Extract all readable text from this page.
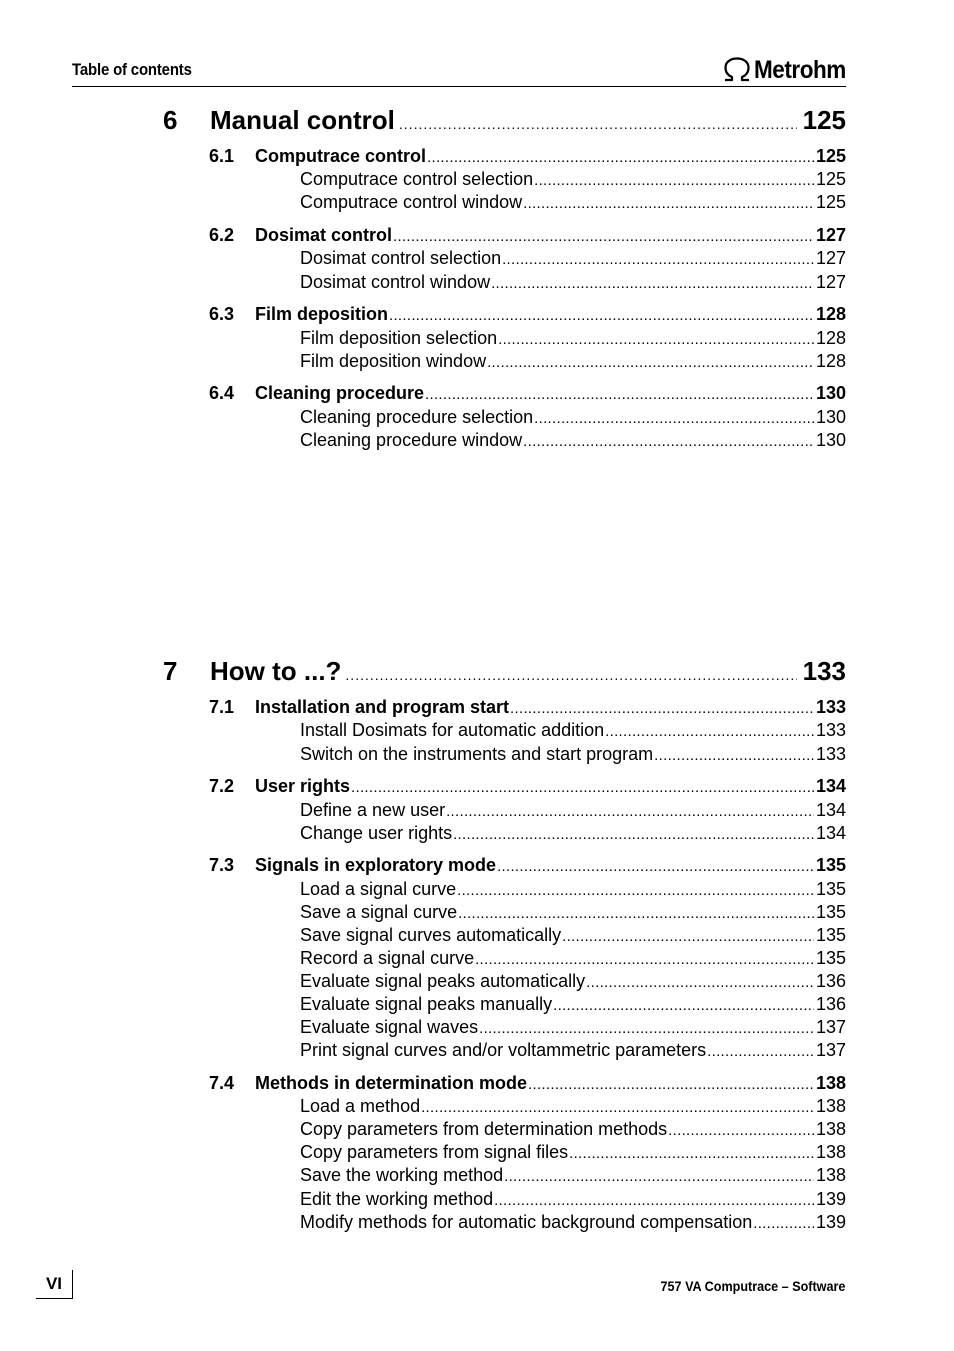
Table of contents	Metrohm
6	Manual control .....	125
6.1	Computrace control .....	125
Computrace control selection .....	125
Computrace control window .....	125
6.2	Dosimat control .....	127
Dosimat control selection .....	127
Dosimat control window .....	127
6.3	Film deposition .....	128
Film deposition selection .....	128
Film deposition window .....	128
6.4	Cleaning procedure .....	130
Cleaning procedure selection .....	130
Cleaning procedure window .....	130
7	How to ...? .....	133
7.1	Installation and program start .....	133
Install Dosimats for automatic addition .....	133
Switch on the instruments and start program .....	133
7.2	User rights .....	134
Define a new user .....	134
Change user rights .....	134
7.3	Signals in exploratory mode .....	135
Load a signal curve .....	135
Save a signal curve .....	135
Save signal curves automatically .....	135
Record a signal curve .....	135
Evaluate signal peaks automatically .....	136
Evaluate signal peaks manually .....	136
Evaluate signal waves .....	137
Print signal curves and/or voltammetric parameters .....	137
7.4	Methods in determination mode .....	138
Load a method .....	138
Copy parameters from determination methods .....	138
Copy parameters from signal files .....	138
Save the working method .....	138
Edit the working method .....	139
Modify methods for automatic background compensation .....	139
VI	757 VA Computrace – Software
